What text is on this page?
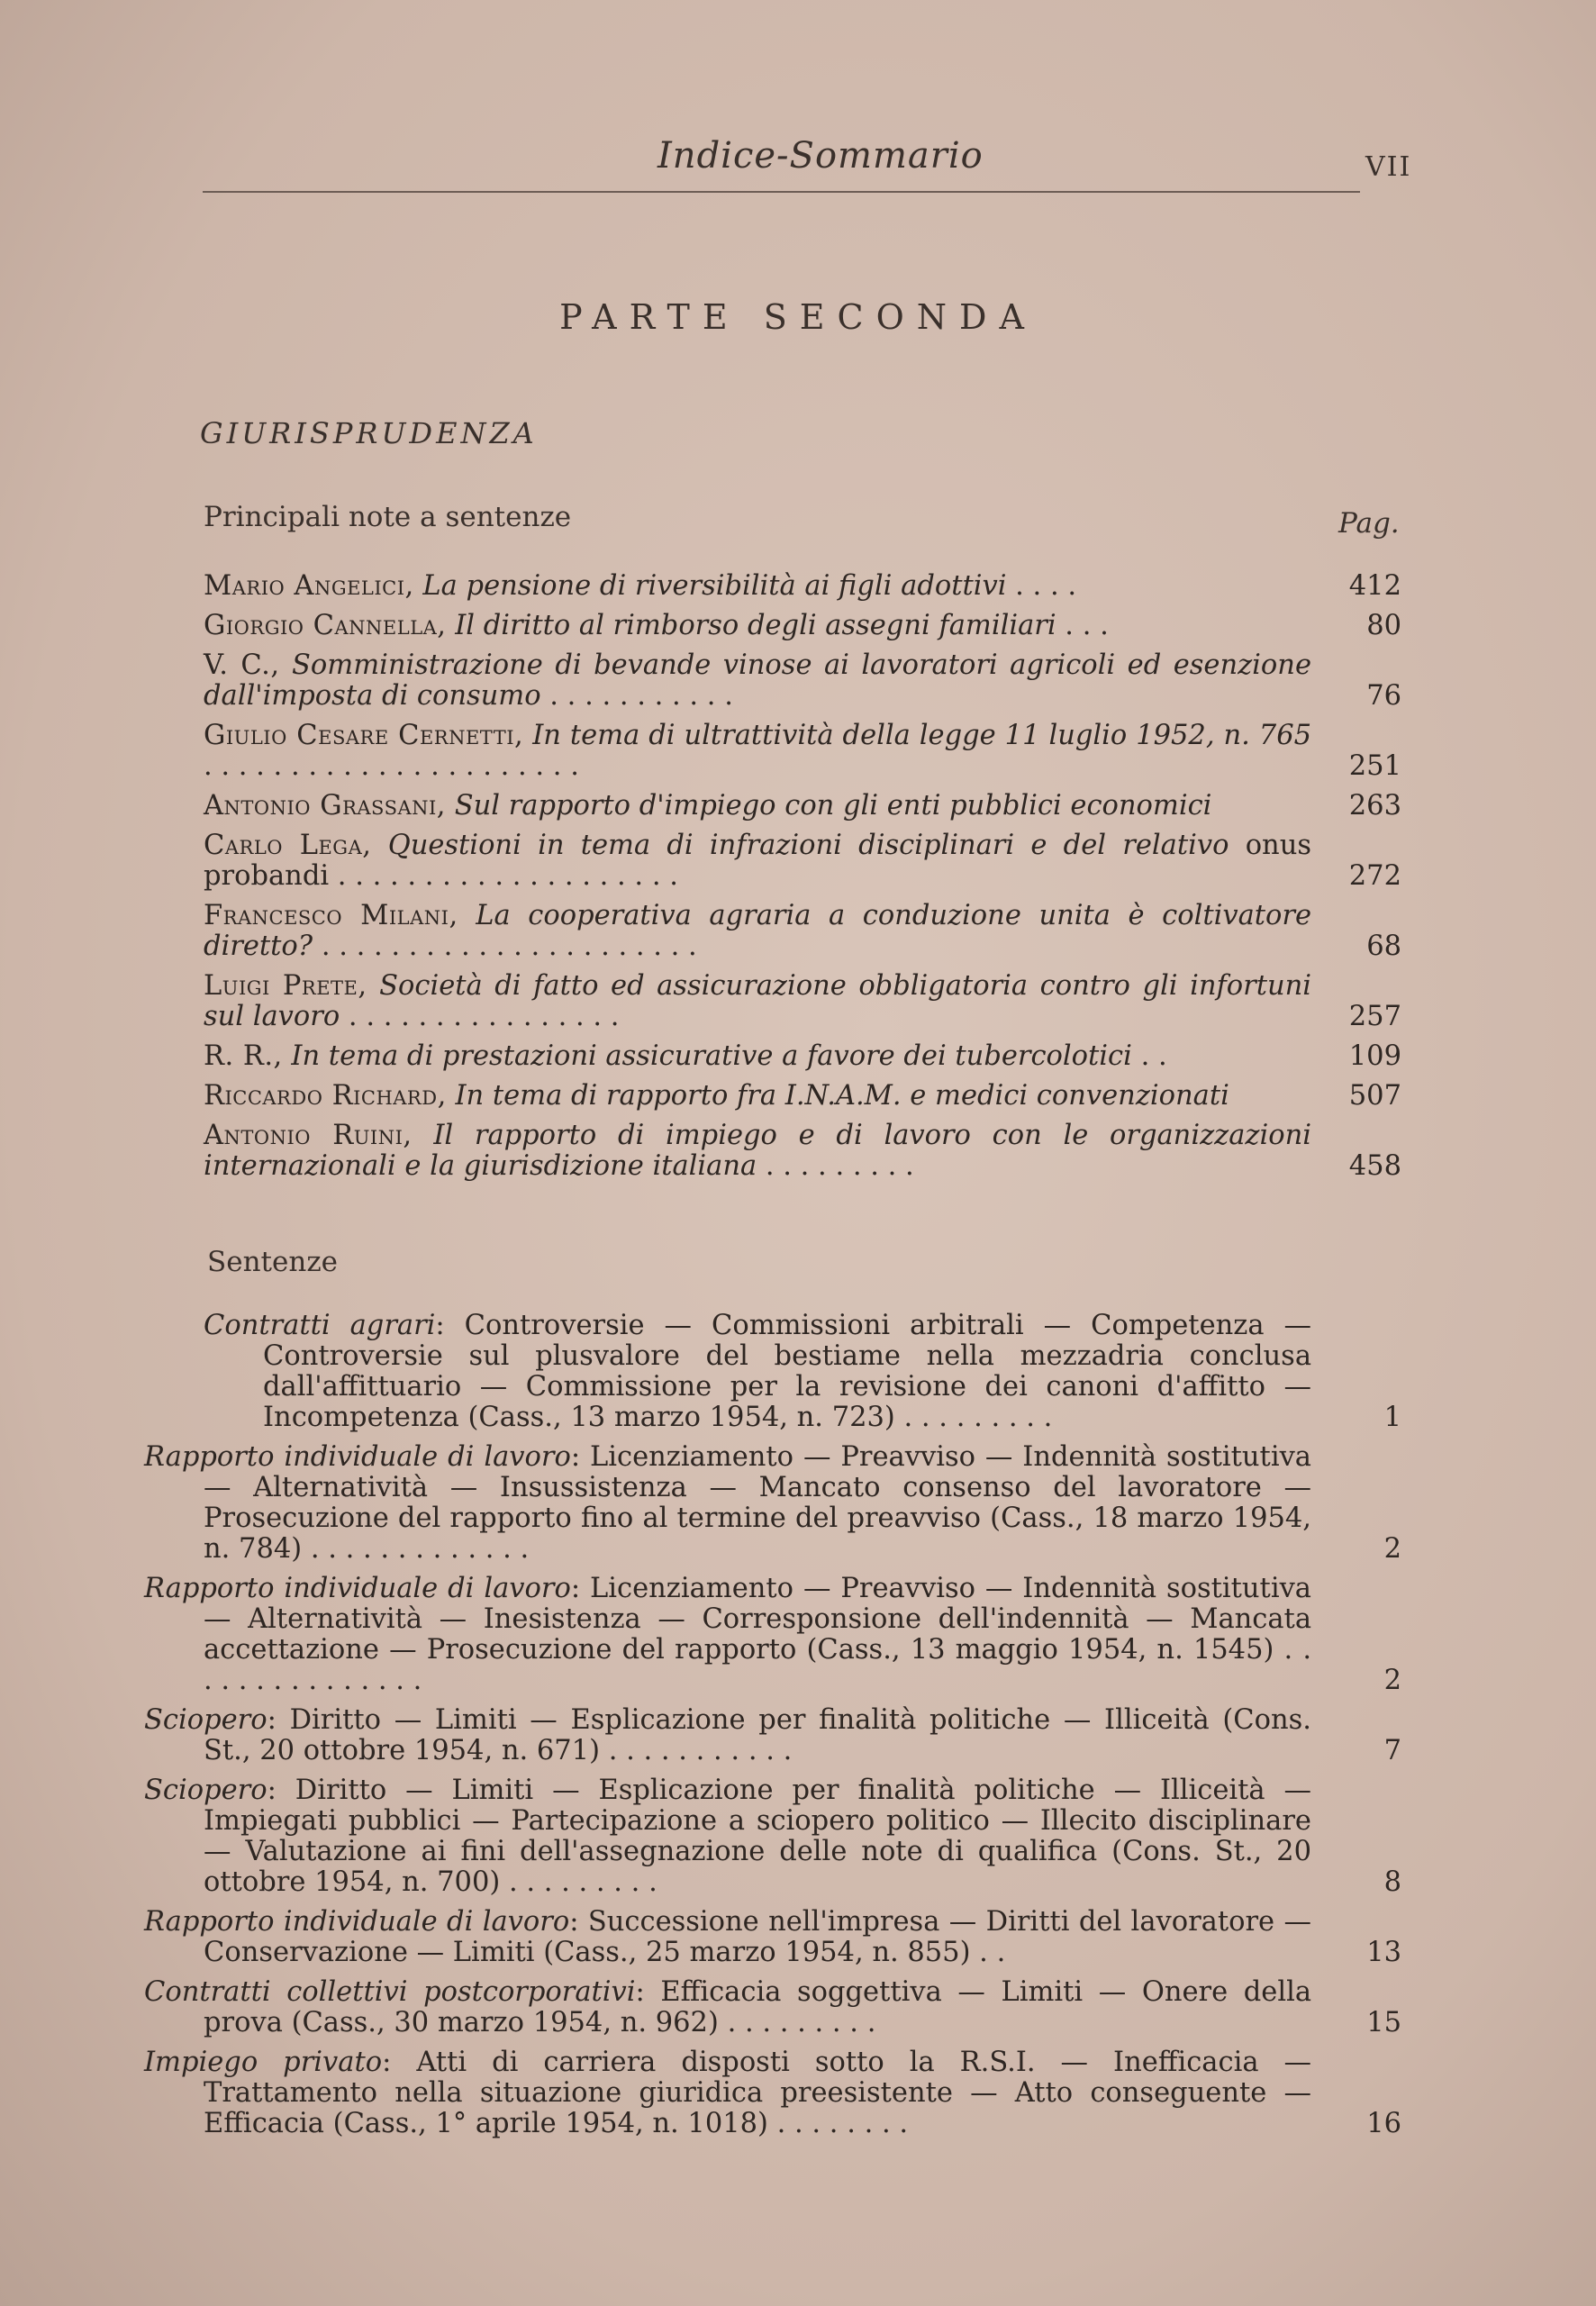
Indice-Sommario	VII
PARTE SECONDA
GIURISPRUDENZA
Principali note a sentenze	Pag.
Mario Angelici, La pensione di riversibilità ai figli adottivi . . . .	412
Giorgio Cannella, Il diritto al rimborso degli assegni familiari . . .	80
V. C., Somministrazione di bevande vinose ai lavoratori agricoli ed esenzione dall'imposta di consumo . . . . . . . . . . .	76
Giulio Cesare Cernetti, In tema di ultrattività della legge 11 luglio 1952, n. 765 . . . . . . . . . . . . . . . . . . . . . .	251
Antonio Grassani, Sul rapporto d'impiego con gli enti pubblici economici	263
Carlo Lega, Questioni in tema di infrazioni disciplinari e del relativo onus probandi . . . . . . . . . . . . . . . . . . . .	272
Francesco Milani, La cooperativa agraria a conduzione unita è coltivatore diretto? . . . . . . . . . . . . . . . . . . . . . .	68
Luigi Prete, Società di fatto ed assicurazione obbligatoria contro gli infortuni sul lavoro . . . . . . . . . . . . . . . .	257
R. R., In tema di prestazioni assicurative a favore dei tubercolotici . .	109
Riccardo Richard, In tema di rapporto fra I.N.A.M. e medici convenzionati	507
Antonio Ruini, Il rapporto di impiego e di lavoro con le organizzazioni internazionali e la giurisdizione italiana . . . . . . . . .	458
Sentenze
Contratti agrari: Controversie — Commissioni arbitrali — Competenza — Controversie sul plusvalore del bestiame nella mezzadria conclusa dall'affittuario — Commissione per la revisione dei canoni d'affitto — Incompetenza (Cass., 13 marzo 1954, n. 723) . . . . . . . . .	1
Rapporto individuale di lavoro: Licenziamento — Preavviso — Indennità sostitutiva — Alternatività — Insussistenza — Mancato consenso del lavoratore — Prosecuzione del rapporto fino al termine del preavviso (Cass., 18 marzo 1954, n. 784) . . . . . . . . . . . . .	2
Rapporto individuale di lavoro: Licenziamento — Preavviso — Indennità sostitutiva — Alternatività — Inesistenza — Corresponsione dell'indennità — Mancata accettazione — Prosecuzione del rapporto (Cass., 13 maggio 1954, n. 1545) . . . . . . . . . . . . . . .	2
Sciopero: Diritto — Limiti — Esplicazione per finalità politiche — Illiceità (Cons. St., 20 ottobre 1954, n. 671) . . . . . . . . . . .	7
Sciopero: Diritto — Limiti — Esplicazione per finalità politiche — Illiceità — Impiegati pubblici — Partecipazione a sciopero politico — Illecito disciplinare — Valutazione ai fini dell'assegnazione delle note di qualifica (Cons. St., 20 ottobre 1954, n. 700) . . . . . . . . .	8
Rapporto individuale di lavoro: Successione nell'impresa — Diritti del lavoratore — Conservazione — Limiti (Cass., 25 marzo 1954, n. 855) . .	13
Contratti collettivi postcorporativi: Efficacia soggettiva — Limiti — Onere della prova (Cass., 30 marzo 1954, n. 962) . . . . . . . . .	15
Impiego privato: Atti di carriera disposti sotto la R.S.I. — Inefficacia — Trattamento nella situazione giuridica preesistente — Atto conseguente — Efficacia (Cass., 1° aprile 1954, n. 1018) . . . . . . . .	16
